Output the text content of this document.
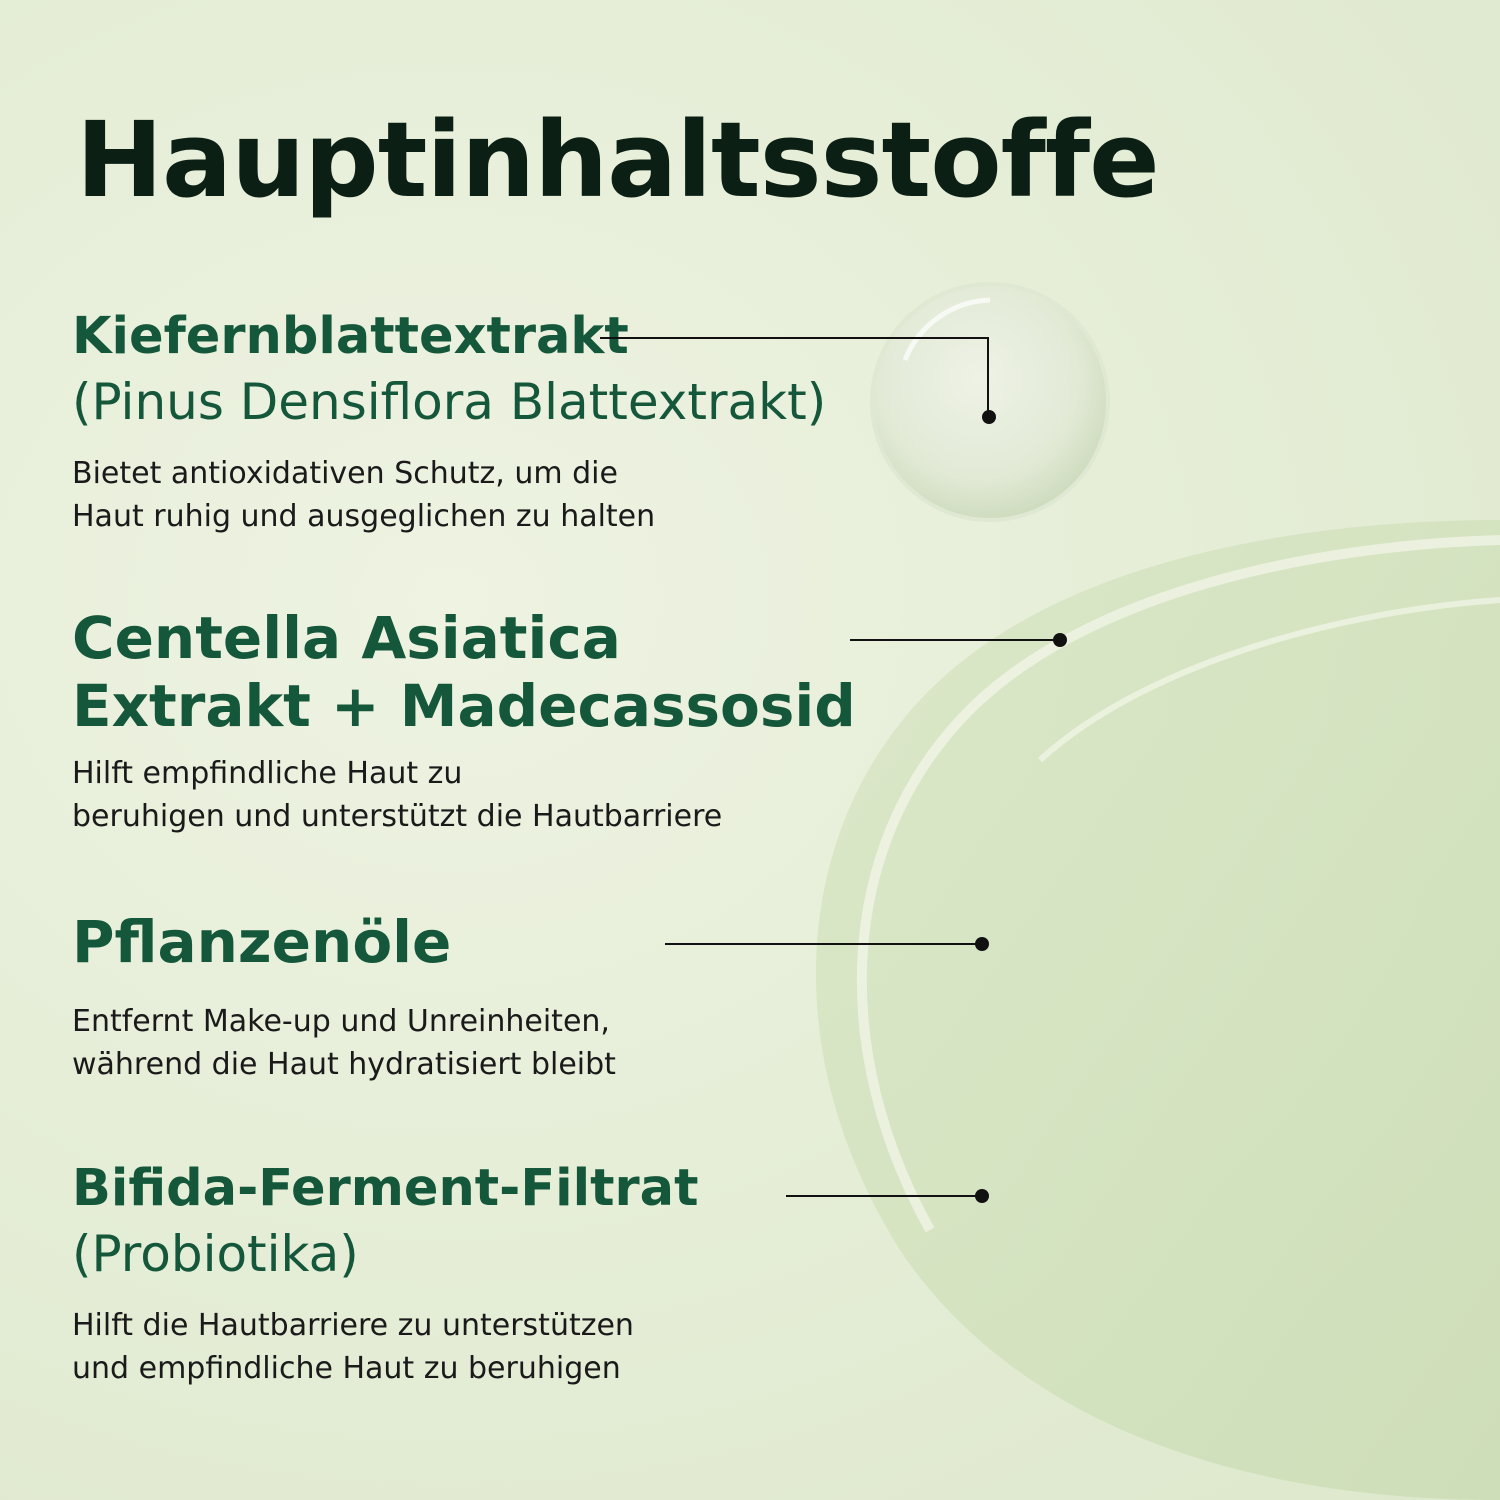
Hauptinhaltsstoffe
Kiefernblattextrakt
(Pinus Densiflora Blattextrakt)
Bietet antioxidativen Schutz, um die
Haut ruhig und ausgeglichen zu halten
Centella Asiatica
Extrakt + Madecassosid
Hilft empfindliche Haut zu
beruhigen und unterstützt die Hautbarriere
Pflanzenöle
Entfernt Make-up und Unreinheiten,
während die Haut hydratisiert bleibt
Bifida-Ferment-Filtrat
(Probiotika)
Hilft die Hautbarriere zu unterstützen
und empfindliche Haut zu beruhigen
